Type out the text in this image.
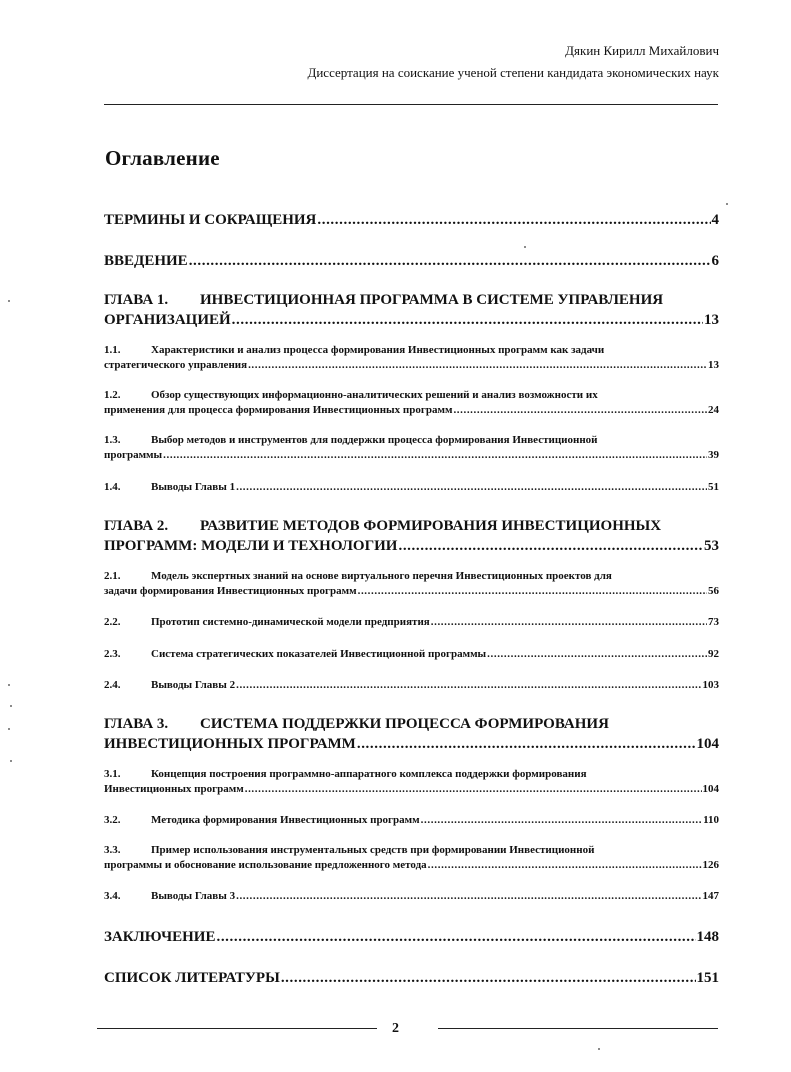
Дякин Кирилл Михайлович
Диссертация на соискание ученой степени кандидата экономических наук
Оглавление
ТЕРМИНЫ И СОКРАЩЕНИЯ .....	4
ВВЕДЕНИЕ .....	6
ГЛАВА 1. ИНВЕСТИЦИОННАЯ ПРОГРАММА В СИСТЕМЕ УПРАВЛЕНИЯ
ОРГАНИЗАЦИЕЙ .....	13
1.1.	Характеристики и анализ процесса формирования Инвестиционных программ как задачи
стратегического управления .....	13
1.2.	Обзор существующих информационно-аналитических решений и анализ возможности их
применения для процесса формирования Инвестиционных программ .....	24
1.3.	Выбор методов и инструментов для поддержки процесса формирования Инвестиционной
программы .....	39
1.4.	Выводы Главы 1 .....	51
ГЛАВА 2. РАЗВИТИЕ МЕТОДОВ ФОРМИРОВАНИЯ ИНВЕСТИЦИОННЫХ
ПРОГРАММ: МОДЕЛИ И ТЕХНОЛОГИИ .....	53
2.1.	Модель экспертных знаний на основе виртуального перечня Инвестиционных проектов для
задачи формирования Инвестиционных программ .....	56
2.2.	Прототип системно-динамической модели предприятия .....	73
2.3.	Система стратегических показателей Инвестиционной программы .....	92
2.4.	Выводы Главы 2 .....	103
ГЛАВА 3. СИСТЕМА ПОДДЕРЖКИ ПРОЦЕССА ФОРМИРОВАНИЯ
ИНВЕСТИЦИОННЫХ ПРОГРАММ .....	104
3.1.	Концепция построения программно-аппаратного комплекса поддержки формирования
Инвестиционных программ .....	104
3.2.	Методика формирования Инвестиционных программ .....	110
3.3.	Пример использования инструментальных средств при формировании Инвестиционной
программы и обоснование использование предложенного метода .....	126
3.4.	Выводы Главы 3 .....	147
ЗАКЛЮЧЕНИЕ .....	148
СПИСОК ЛИТЕРАТУРЫ .....	151
2
